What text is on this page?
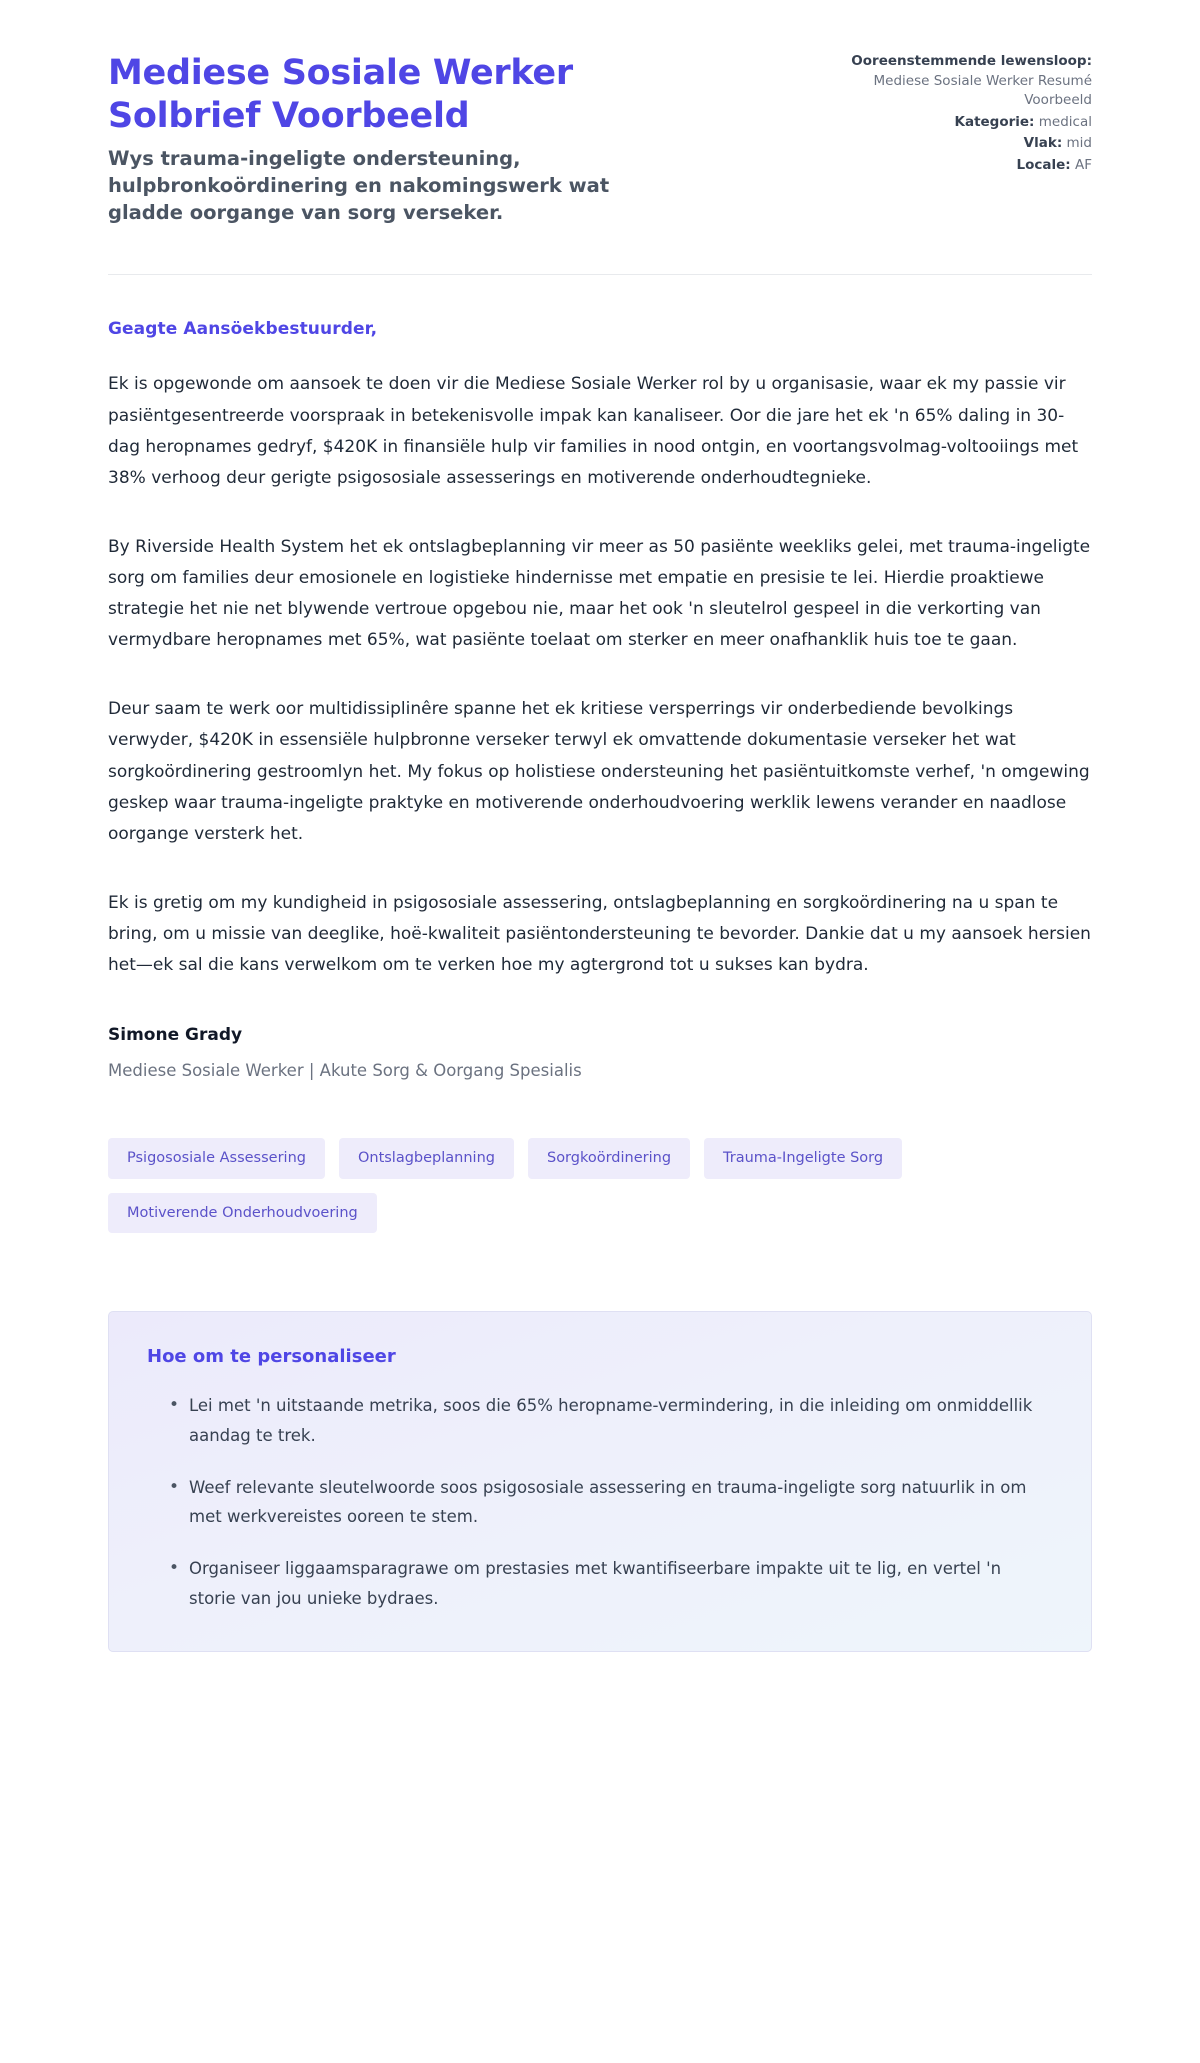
Mediese Sosiale Werker Solbrief Voorbeeld

Wys trauma-ingeligte ondersteuning, hulpbronkoördinering en nakomingswerk wat gladde oorgange van sorg verseker.

Ooreenstemmende lewensloop: Mediese Sosiale Werker Resumé Voorbeeld
Kategorie: medical
Vlak: mid
Locale: AF

Geagte Aansöekbestuurder,

Ek is opgewonde om aansoek te doen vir die Mediese Sosiale Werker rol by u organisasie, waar ek my passie vir pasiëntgesentreerde voorspraak in betekenisvolle impak kan kanaliseer. Oor die jare het ek 'n 65% daling in 30-dag heropnames gedryf, $420K in finansiële hulp vir families in nood ontgin, en voortangsvolmag-voltooiings met 38% verhoog deur gerigte psigososiale assesserings en motiverende onderhoudtegnieke.

By Riverside Health System het ek ontslagbeplanning vir meer as 50 pasiënte weekliks gelei, met trauma-ingeligte sorg om families deur emosionele en logistieke hindernisse met empatie en presisie te lei. Hierdie proaktiewe strategie het nie net blywende vertroue opgebou nie, maar het ook 'n sleutelrol gespeel in die verkorting van vermydbare heropnames met 65%, wat pasiënte toelaat om sterker en meer onafhanklik huis toe te gaan.

Deur saam te werk oor multidissiplinêre spanne het ek kritiese versperrings vir onderbediende bevolkings verwyder, $420K in essensiële hulpbronne verseker terwyl ek omvattende dokumentasie verseker het wat sorgkoördinering gestroomlyn het. My fokus op holistiese ondersteuning het pasiëntuitkomste verhef, 'n omgewing geskep waar trauma-ingeligte praktyke en motiverende onderhoudvoering werklik lewens verander en naadlose oorgange versterk het.

Ek is gretig om my kundigheid in psigososiale assessering, ontslagbeplanning en sorgkoördinering na u span te bring, om u missie van deeglike, hoë-kwaliteit pasiëntondersteuning te bevorder. Dankie dat u my aansoek hersien het—ek sal die kans verwelkom om te verken hoe my agtergrond tot u sukses kan bydra.

Simone Grady

Mediese Sosiale Werker | Akute Sorg & Oorgang Spesialis

Psigososiale Assessering	Ontslagbeplanning	Sorgkoördinering	Trauma-Ingeligte Sorg
Motiverende Onderhoudvoering
Hoe om te personaliseer
• Lei met 'n uitstaande metrika, soos die 65% heropname-vermindering, in die inleiding om onmiddellik aandag te trek.
• Weef relevante sleutelwoorde soos psigososiale assessering en trauma-ingeligte sorg natuurlik in om met werkvereistes ooreen te stem.
• Organiseer liggaamsparagrawe om prestasies met kwantifiseerbare impakte uit te lig, en vertel 'n storie van jou unieke bydraes.
